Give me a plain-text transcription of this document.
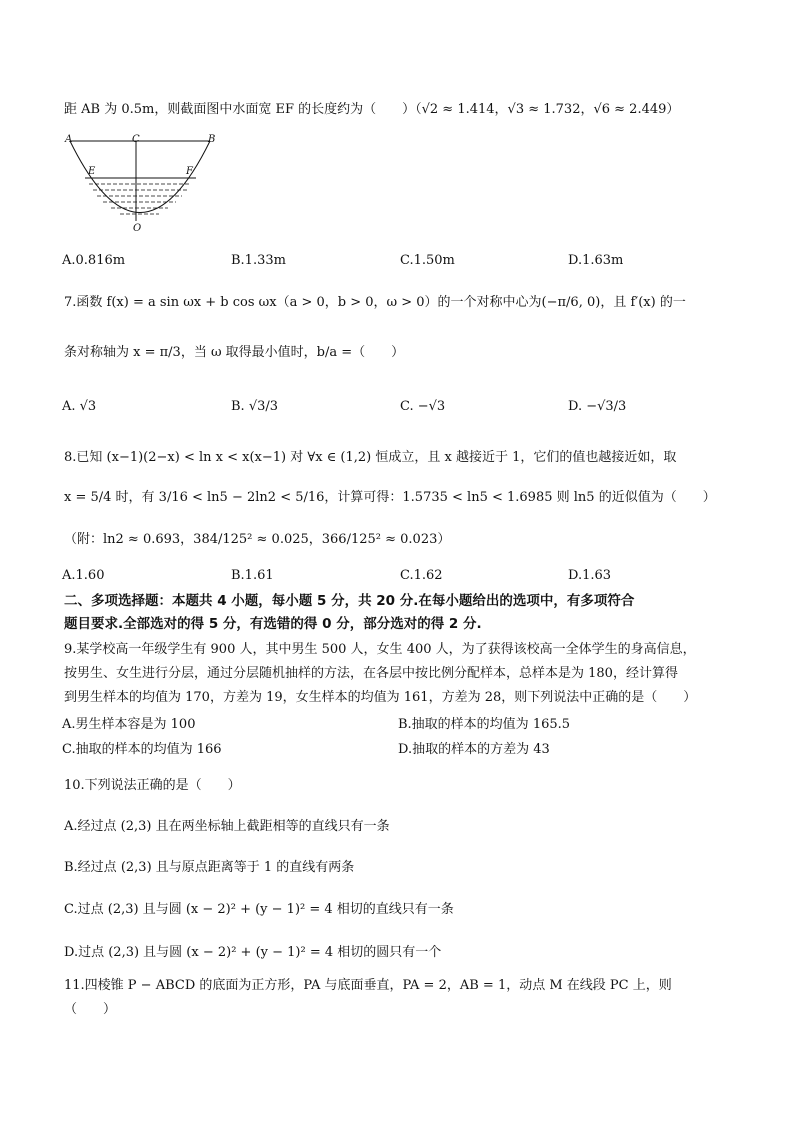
距 AB 为 0.5m，则截面图中水面宽 EF 的长度约为（　　）（√2 ≈ 1.414，√3 ≈ 1.732，√6 ≈ 2.449）
A	C	B
E	F
O
A.0.816m	B.1.33m	C.1.50m	D.1.63m
7.函数 f(x) = a sin ωx + b cos ωx（a > 0，b > 0，ω > 0）的一个对称中心为(−π/6, 0)，且 f′(x) 的一
条对称轴为 x = π/3，当 ω 取得最小值时，b/a =（　　）
A. √3	B. √3/3	C. −√3	D. −√3/3
8.已知 (x−1)(2−x) < ln x < x(x−1) 对 ∀x ∈ (1,2) 恒成立，且 x 越接近于 1，它们的值也越接近如，取
x = 5/4 时，有 3/16 < ln5 − 2ln2 < 5/16，计算可得：1.5735 < ln5 < 1.6985 则 ln5 的近似值为（　　）
（附：ln2 ≈ 0.693，384/125² ≈ 0.025，366/125² ≈ 0.023）
A.1.60	B.1.61	C.1.62	D.1.63
二、多项选择题：本题共 4 小题，每小题 5 分，共 20 分.在每小题给出的选项中，有多项符合
题目要求.全部选对的得 5 分，有选错的得 0 分，部分选对的得 2 分.
9.某学校高一年级学生有 900 人，其中男生 500 人，女生 400 人，为了获得该校高一全体学生的身高信息，
按男生、女生进行分层，通过分层随机抽样的方法，在各层中按比例分配样本，总样本是为 180，经计算得
到男生样本的均值为 170，方差为 19，女生样本的均值为 161，方差为 28，则下列说法中正确的是（　　）
A.男生样本容是为 100	B.抽取的样本的均值为 165.5
C.抽取的样本的均值为 166	D.抽取的样本的方差为 43
10.下列说法正确的是（　　）
A.经过点 (2,3) 且在两坐标轴上截距相等的直线只有一条
B.经过点 (2,3) 且与原点距离等于 1 的直线有两条
C.过点 (2,3) 且与圆 (x − 2)² + (y − 1)² = 4 相切的直线只有一条
D.过点 (2,3) 且与圆 (x − 2)² + (y − 1)² = 4 相切的圆只有一个
11.四棱锥 P − ABCD 的底面为正方形，PA 与底面垂直，PA = 2，AB = 1，动点 M 在线段 PC 上，则
（　　）
